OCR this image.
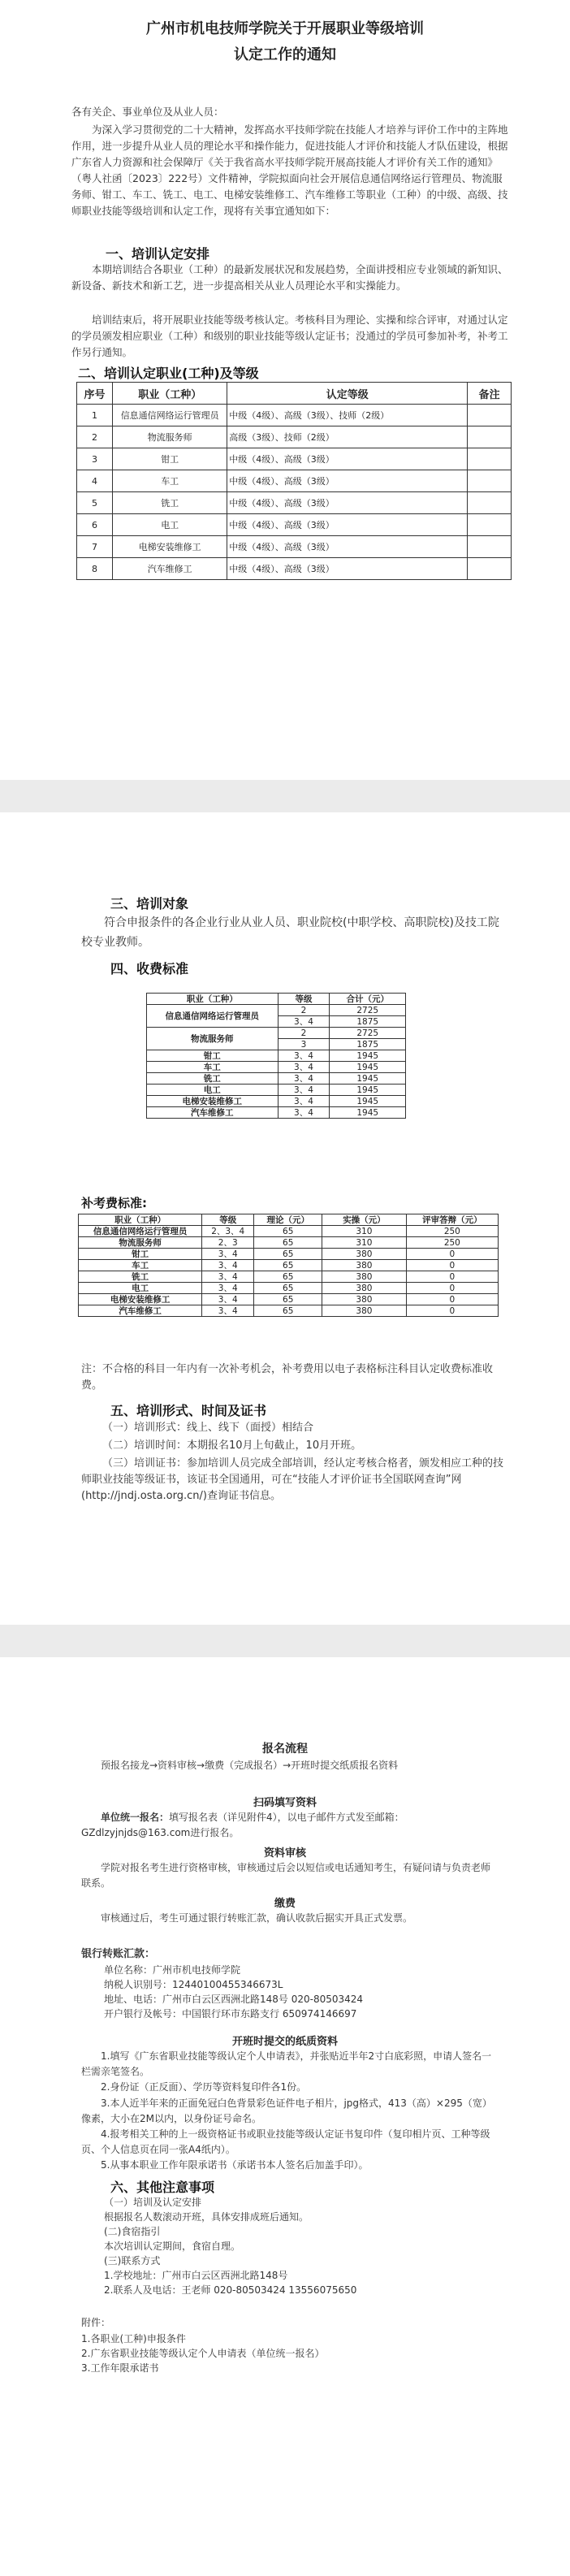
广州市机电技师学院关于开展职业等级培训
认定工作的通知
各有关企、事业单位及从业人员：
为深入学习贯彻党的二十大精神，发挥高水平技师学院在技能人才培养与评价工作中的主阵地作用，进一步提升从业人员的理论水平和操作能力，促进技能人才评价和技能人才队伍建设，根据广东省人力资源和社会保障厅《关于我省高水平技师学院开展高技能人才评价有关工作的通知》（粤人社函〔2023〕222号）文件精神，学院拟面向社会开展信息通信网络运行管理员、物流服务师、钳工、车工、铣工、电工、电梯安装维修工、汽车维修工等职业（工种）的中级、高级、技师职业技能等级培训和认定工作，现将有关事宜通知如下：
一、培训认定安排
本期培训结合各职业（工种）的最新发展状况和发展趋势，全面讲授相应专业领域的新知识、新设备、新技术和新工艺，进一步提高相关从业人员理论水平和实操能力。
培训结束后，将开展职业技能等级考核认定。考核科目为理论、实操和综合评审，对通过认定的学员颁发相应职业（工种）和级别的职业技能等级认定证书；没通过的学员可参加补考，补考工作另行通知。
二、培训认定职业(工种)及等级
序号	职业（工种）	认定等级	备注
1	信息通信网络运行管理员	中级（4级）、高级（3级）、技师（2级）	
2	物流服务师	高级（3级）、技师（2级）	
3	钳工	中级（4级）、高级（3级）	
4	车工	中级（4级）、高级（3级）	
5	铣工	中级（4级）、高级（3级）	
6	电工	中级（4级）、高级（3级）	
7	电梯安装维修工	中级（4级）、高级（3级）	
8	汽车维修工	中级（4级）、高级（3级）	
三、培训对象
符合申报条件的各企业行业从业人员、职业院校(中职学校、高职院校)及技工院校专业教师。
四、收费标准
职业（工种）	等级	合计（元）
信息通信网络运行管理员	2	2725
	3、4	1875
物流服务师	2	2725
	3	1875
钳工	3、4	1945
车工	3、4	1945
铣工	3、4	1945
电工	3、4	1945
电梯安装维修工	3、4	1945
汽车维修工	3、4	1945
补考费标准:
职业（工种）	等级	理论（元）	实操（元）	评审答辩（元）
信息通信网络运行管理员	2、3、4	65	310	250
物流服务师	2、3	65	310	250
钳工	3、4	65	380	0
车工	3、4	65	380	0
铣工	3、4	65	380	0
电工	3、4	65	380	0
电梯安装维修工	3、4	65	380	0
汽车维修工	3、4	65	380	0
注：不合格的科目一年内有一次补考机会，补考费用以电子表格标注科目认定收费标准收费。
五、培训形式、时间及证书
（一）培训形式：线上、线下（面授）相结合
（二）培训时间：本期报名10月上旬截止，10月开班。
（三）培训证书：参加培训人员完成全部培训，经认定考核合格者，颁发相应工种的技师职业技能等级证书，该证书全国通用，可在“技能人才评价证书全国联网查询”网(http://jndj.osta.org.cn/)查询证书信息。
报名流程
预报名接龙→资料审核→缴费（完成报名）→开班时提交纸质报名资料
扫码填写资料
单位统一报名：填写报名表（详见附件4），以电子邮件方式发至邮箱：GZdlzyjnjds@163.com进行报名。
资料审核
学院对报名考生进行资格审核，审核通过后会以短信或电话通知考生，有疑问请与负责老师联系。
缴费
审核通过后，考生可通过银行转账汇款，确认收款后据实开具正式发票。
银行转账汇款：
单位名称：广州市机电技师学院
纳税人识别号：12440100455346673L
地址、电话：广州市白云区西洲北路148号 020-80503424
开户银行及帐号：中国银行环市东路支行 650974146697
开班时提交的纸质资料
1.填写《广东省职业技能等级认定个人申请表》，并张贴近半年2寸白底彩照，申请人签名一栏需亲笔签名。
2.身份证（正反面）、学历等资料复印件各1份。
3.本人近半年来的正面免冠白色背景彩色证件电子相片，jpg格式，413（高）×295（宽）像素，大小在2M以内，以身份证号命名。
4.报考相关工种的上一级资格证书或职业技能等级认定证书复印件（复印相片页、工种等级页、个人信息页在同一张A4纸内）。
5.从事本职业工作年限承诺书（承诺书本人签名后加盖手印）。
六、其他注意事项
（一）培训及认定安排
根据报名人数滚动开班，具体安排成班后通知。
(二)食宿指引
本次培训认定期间，食宿自理。
(三)联系方式
1.学校地址：广州市白云区西洲北路148号
2.联系人及电话：王老师 020-80503424 13556075650
附件：
1.各职业(工种)申报条件
2.广东省职业技能等级认定个人申请表（单位统一报名）
3.工作年限承诺书
